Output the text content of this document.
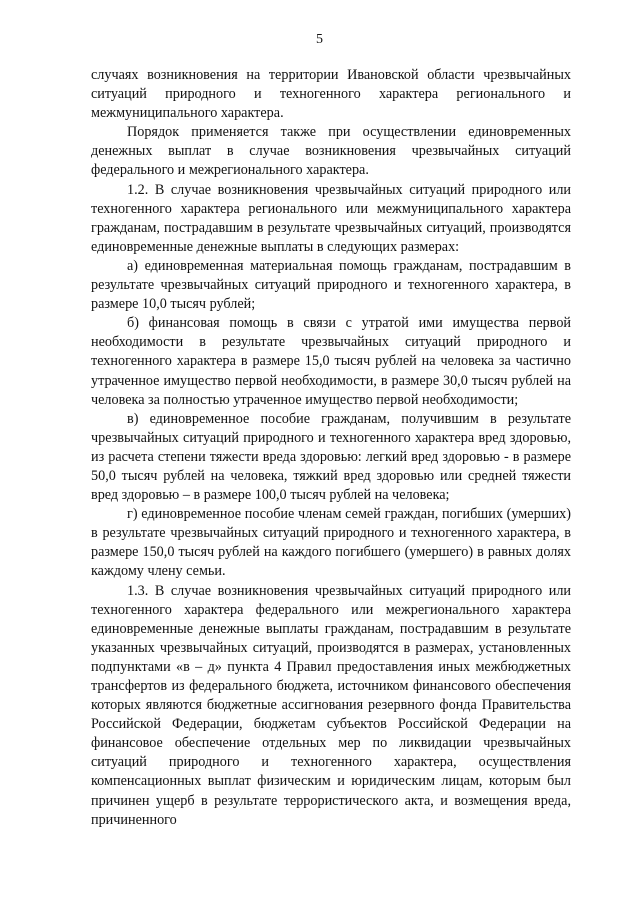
5

случаях возникновения на территории Ивановской области чрезвычайных ситуаций природного и техногенного характера регионального и межмуниципального характера.

Порядок применяется также при осуществлении единовременных денежных выплат в случае возникновения чрезвычайных ситуаций федерального и межрегионального характера.

1.2. В случае возникновения чрезвычайных ситуаций природного или техногенного характера регионального или межмуниципального характера гражданам, пострадавшим в результате чрезвычайных ситуаций, производятся единовременные денежные выплаты в следующих размерах:

а) единовременная материальная помощь гражданам, пострадавшим в результате чрезвычайных ситуаций природного и техногенного характера, в размере 10,0 тысяч рублей;

б) финансовая помощь в связи с утратой ими имущества первой необходимости в результате чрезвычайных ситуаций природного и техногенного характера в размере 15,0 тысяч рублей на человека за частично утраченное имущество первой необходимости, в размере 30,0 тысяч рублей на человека за полностью утраченное имущество первой необходимости;

в) единовременное пособие гражданам, получившим в результате чрезвычайных ситуаций природного и техногенного характера вред здоровью, из расчета степени тяжести вреда здоровью: легкий вред здоровью - в размере 50,0 тысяч рублей на человека, тяжкий вред здоровью или средней тяжести вред здоровью – в размере 100,0 тысяч рублей на человека;

г) единовременное пособие членам семей граждан, погибших (умерших) в результате чрезвычайных ситуаций природного и техногенного характера, в размере 150,0 тысяч рублей на каждого погибшего (умершего) в равных долях каждому члену семьи.

1.3. В случае возникновения чрезвычайных ситуаций природного или техногенного характера федерального или межрегионального характера единовременные денежные выплаты гражданам, пострадавшим в результате указанных чрезвычайных ситуаций, производятся в размерах, установленных подпунктами «в – д» пункта 4 Правил предоставления иных межбюджетных трансфертов из федерального бюджета, источником финансового обеспечения которых являются бюджетные ассигнования резервного фонда Правительства Российской Федерации, бюджетам субъектов Российской Федерации на финансовое обеспечение отдельных мер по ликвидации чрезвычайных ситуаций природного и техногенного характера, осуществления компенсационных выплат физическим и юридическим лицам, которым был причинен ущерб в результате террористического акта, и возмещения вреда, причиненного
